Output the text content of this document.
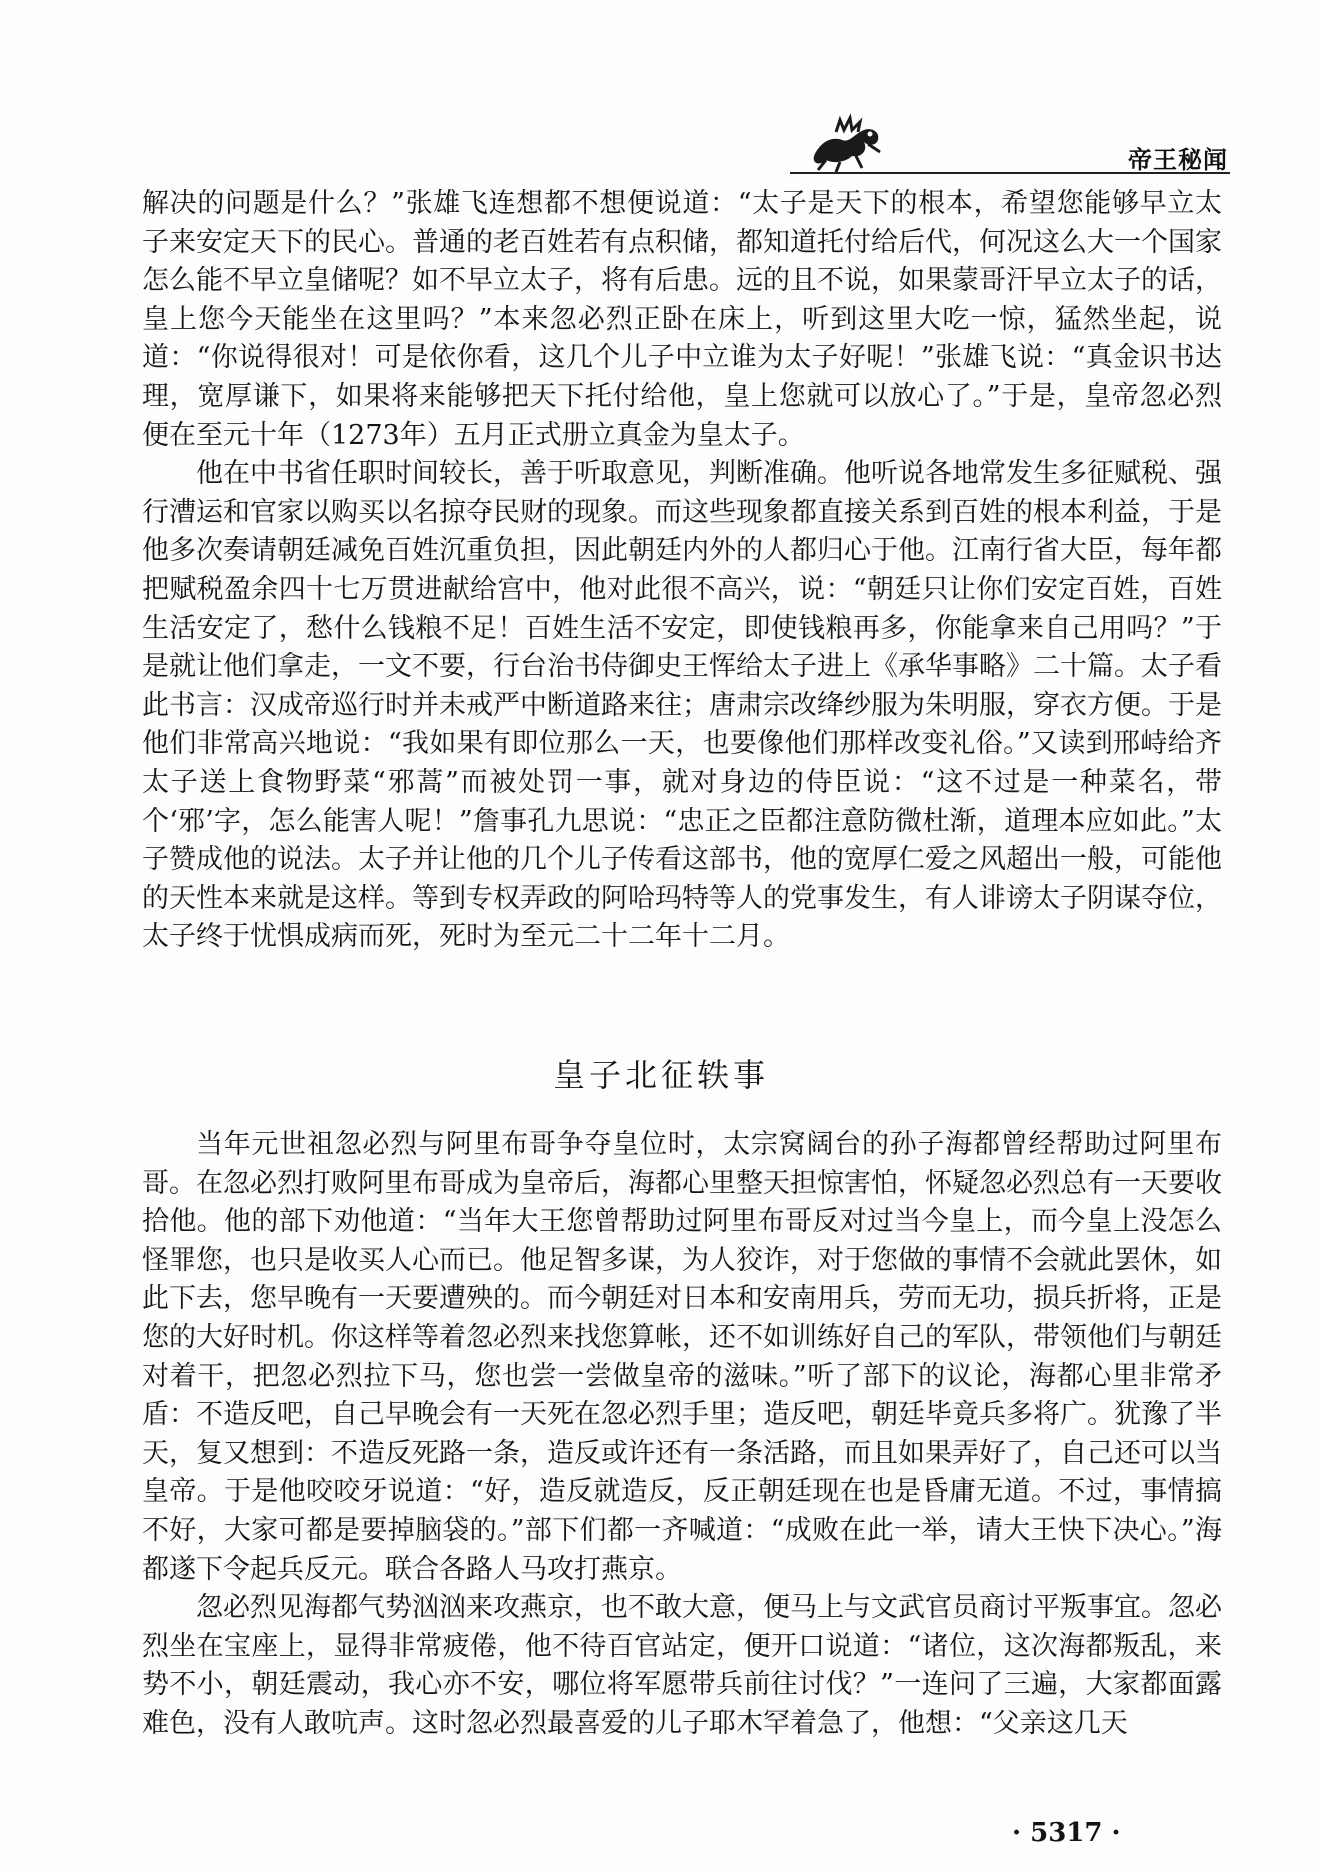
帝王秘闻

解决的问题是什么？”张雄飞连想都不想便说道：“太子是天下的根本，希望您能够早立太子来安定天下的民心。普通的老百姓若有点积储，都知道托付给后代，何况这么大一个国家怎么能不早立皇储呢？如不早立太子，将有后患。远的且不说，如果蒙哥汗早立太子的话，皇上您今天能坐在这里吗？”本来忽必烈正卧在床上，听到这里大吃一惊，猛然坐起，说道：“你说得很对！可是依你看，这几个儿子中立谁为太子好呢！”张雄飞说：“真金识书达理，宽厚谦下，如果将来能够把天下托付给他，皇上您就可以放心了。”于是，皇帝忽必烈便在至元十年（1273年）五月正式册立真金为皇太子。

他在中书省任职时间较长，善于听取意见，判断准确。他听说各地常发生多征赋税、强行漕运和官家以购买以名掠夺民财的现象。而这些现象都直接关系到百姓的根本利益，于是他多次奏请朝廷减免百姓沉重负担，因此朝廷内外的人都归心于他。江南行省大臣，每年都把赋税盈余四十七万贯进献给宫中，他对此很不高兴，说：“朝廷只让你们安定百姓，百姓生活安定了，愁什么钱粮不足！百姓生活不安定，即使钱粮再多，你能拿来自己用吗？”于是就让他们拿走，一文不要，行台治书侍御史王恽给太子进上《承华事略》二十篇。太子看此书言：汉成帝巡行时并未戒严中断道路来往；唐肃宗改绛纱服为朱明服，穿衣方便。于是他们非常高兴地说：“我如果有即位那么一天，也要像他们那样改变礼俗。”又读到邢峙给齐太子送上食物野菜“邪蒿”而被处罚一事，就对身边的侍臣说：“这不过是一种菜名，带个‘邪’字，怎么能害人呢！”詹事孔九思说：“忠正之臣都注意防微杜渐，道理本应如此。”太子赞成他的说法。太子并让他的几个儿子传看这部书，他的宽厚仁爱之风超出一般，可能他的天性本来就是这样。等到专权弄政的阿哈玛特等人的党事发生，有人诽谤太子阴谋夺位，太子终于忧惧成病而死，死时为至元二十二年十二月。

皇子北征轶事

当年元世祖忽必烈与阿里布哥争夺皇位时，太宗窝阔台的孙子海都曾经帮助过阿里布哥。在忽必烈打败阿里布哥成为皇帝后，海都心里整天担惊害怕，怀疑忽必烈总有一天要收拾他。他的部下劝他道：“当年大王您曾帮助过阿里布哥反对过当今皇上，而今皇上没怎么怪罪您，也只是收买人心而已。他足智多谋，为人狡诈，对于您做的事情不会就此罢休，如此下去，您早晚有一天要遭殃的。而今朝廷对日本和安南用兵，劳而无功，损兵折将，正是您的大好时机。你这样等着忽必烈来找您算帐，还不如训练好自己的军队，带领他们与朝廷对着干，把忽必烈拉下马，您也尝一尝做皇帝的滋味。”听了部下的议论，海都心里非常矛盾：不造反吧，自己早晚会有一天死在忽必烈手里；造反吧，朝廷毕竟兵多将广。犹豫了半天，复又想到：不造反死路一条，造反或许还有一条活路，而且如果弄好了，自己还可以当皇帝。于是他咬咬牙说道：“好，造反就造反，反正朝廷现在也是昏庸无道。不过，事情搞不好，大家可都是要掉脑袋的。”部下们都一齐喊道：“成败在此一举，请大王快下决心。”海都遂下令起兵反元。联合各路人马攻打燕京。

忽必烈见海都气势汹汹来攻燕京，也不敢大意，便马上与文武官员商讨平叛事宜。忽必烈坐在宝座上，显得非常疲倦，他不待百官站定，便开口说道：“诸位，这次海都叛乱，来势不小，朝廷震动，我心亦不安，哪位将军愿带兵前往讨伐？”一连问了三遍，大家都面露难色，没有人敢吭声。这时忽必烈最喜爱的儿子耶木罕着急了，他想：“父亲这几天

· 5317 ·
